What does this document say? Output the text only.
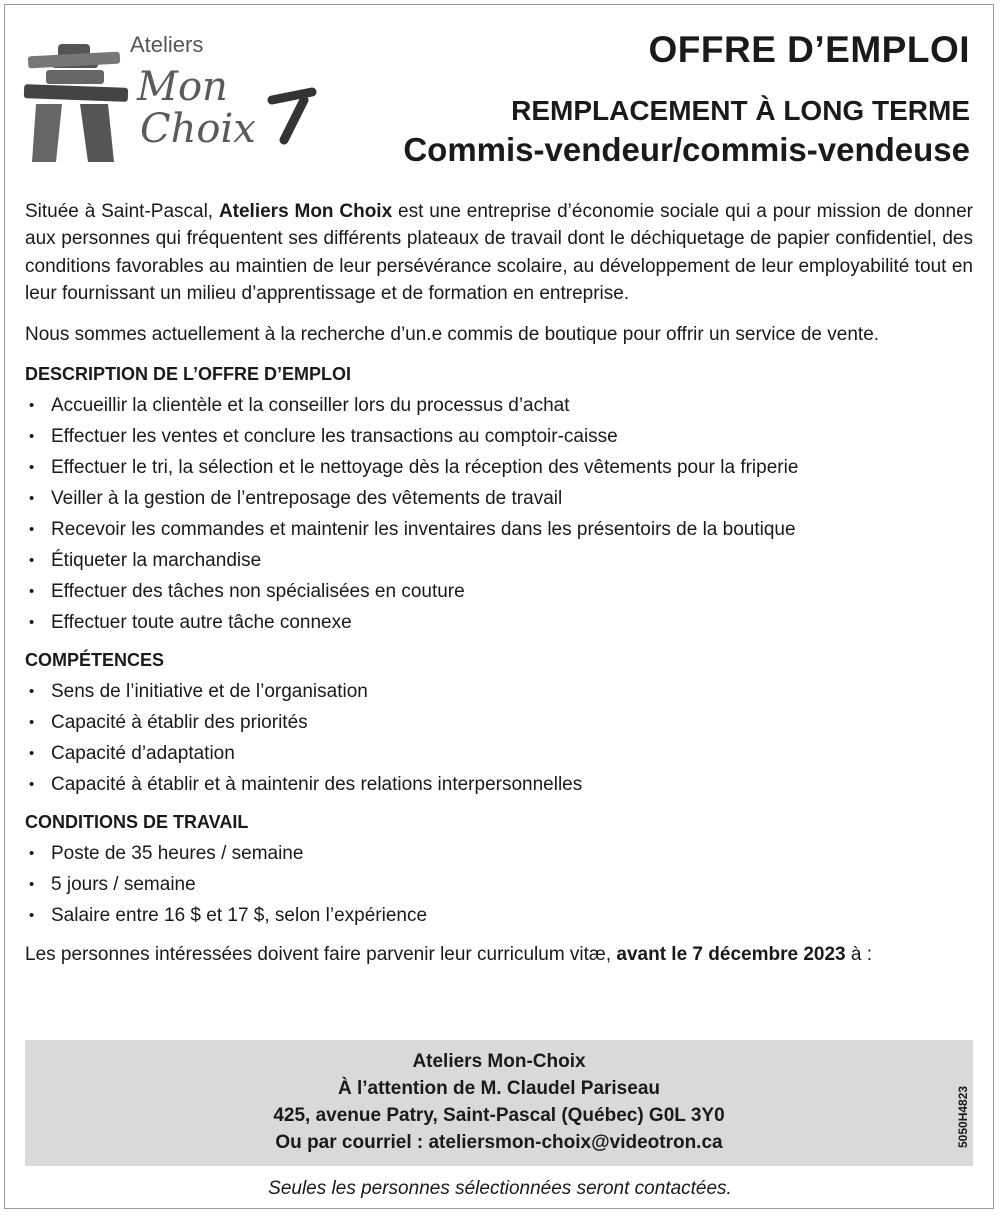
Ateliers
Mon
Choix
OFFRE D’EMPLOI
REMPLACEMENT À LONG TERME
Commis-vendeur/commis-vendeuse

Située à Saint-Pascal, Ateliers Mon Choix est une entreprise d’économie sociale qui a pour mission de donner aux personnes qui fréquentent ses différents plateaux de travail dont le déchiquetage de papier confidentiel, des conditions favorables au maintien de leur persévérance scolaire, au développement de leur employabilité tout en leur fournissant un milieu d’apprentissage et de formation en entreprise.

Nous sommes actuellement à la recherche d’un.e commis de boutique pour offrir un service de vente.

DESCRIPTION DE L’OFFRE D’EMPLOI
• Accueillir la clientèle et la conseiller lors du processus d’achat
• Effectuer les ventes et conclure les transactions au comptoir-caisse
• Effectuer le tri, la sélection et le nettoyage dès la réception des vêtements pour la friperie
• Veiller à la gestion de l’entreposage des vêtements de travail
• Recevoir les commandes et maintenir les inventaires dans les présentoirs de la boutique
• Étiqueter la marchandise
• Effectuer des tâches non spécialisées en couture
• Effectuer toute autre tâche connexe
COMPÉTENCES
• Sens de l’initiative et de l’organisation
• Capacité à établir des priorités
• Capacité d’adaptation
• Capacité à établir et à maintenir des relations interpersonnelles
CONDITIONS DE TRAVAIL
• Poste de 35 heures / semaine
• 5 jours / semaine
• Salaire entre 16 $ et 17 $, selon l’expérience
Les personnes intéressées doivent faire parvenir leur curriculum vitæ, avant le 7 décembre 2023 à :
Ateliers Mon-Choix
À l’attention de M. Claudel Pariseau
425, avenue Patry, Saint-Pascal (Québec) G0L 3Y0
Ou par courriel : ateliersmon-choix@videotron.ca
Seules les personnes sélectionnées seront contactées.
5050H4823
